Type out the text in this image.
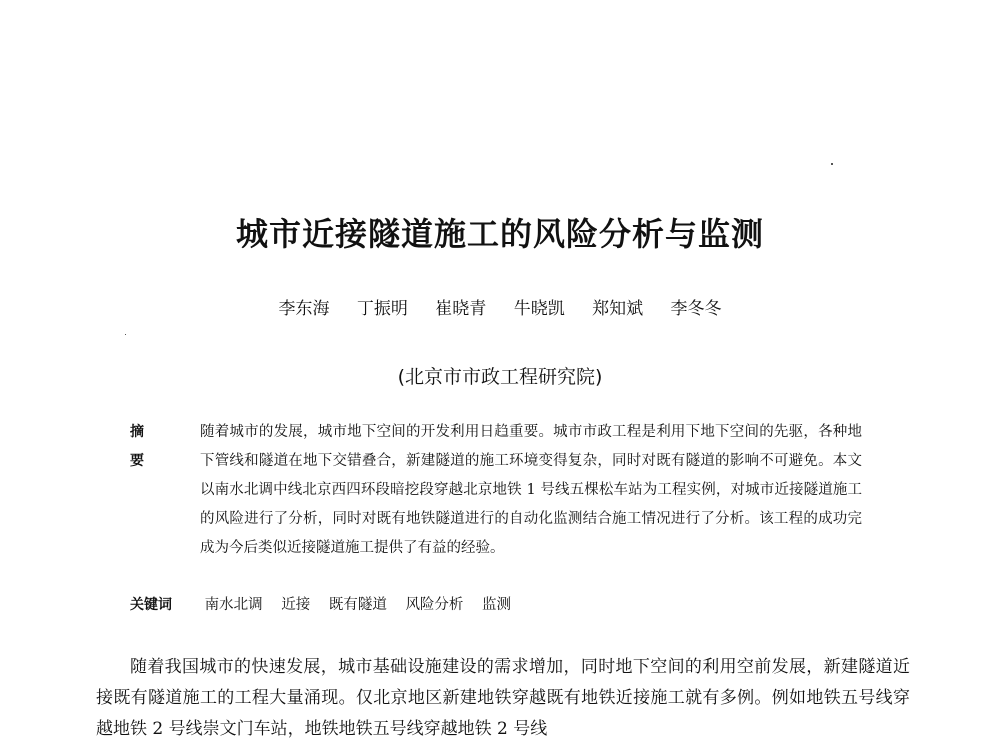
城市近接隧道施工的风险分析与监测
李东海 丁振明 崔晓青 牛晓凯 郑知斌 李冬冬
(北京市市政工程研究院)
摘 要
随着城市的发展，城市地下空间的开发利用日趋重要。城市市政工程是利用下地下空间的先驱，各种地下管线和隧道在地下交错叠合，新建隧道的施工环境变得复杂，同时对既有隧道的影响不可避免。本文以南水北调中线北京西四环段暗挖段穿越北京地铁 1 号线五棵松车站为工程实例，对城市近接隧道施工的风险进行了分析，同时对既有地铁隧道进行的自动化监测结合施工情况进行了分析。该工程的成功完成为今后类似近接隧道施工提供了有益的经验。
关键词 南水北调 近接 既有隧道 风险分析 监测
随着我国城市的快速发展，城市基础设施建设的需求增加，同时地下空间的利用空前发展，新建隧道近接既有隧道施工的工程大量涌现。仅北京地区新建地铁穿越既有地铁近接施工就有多例。例如地铁五号线穿越地铁 2 号线崇文门车站，地铁地铁五号线穿越地铁 2 号线
